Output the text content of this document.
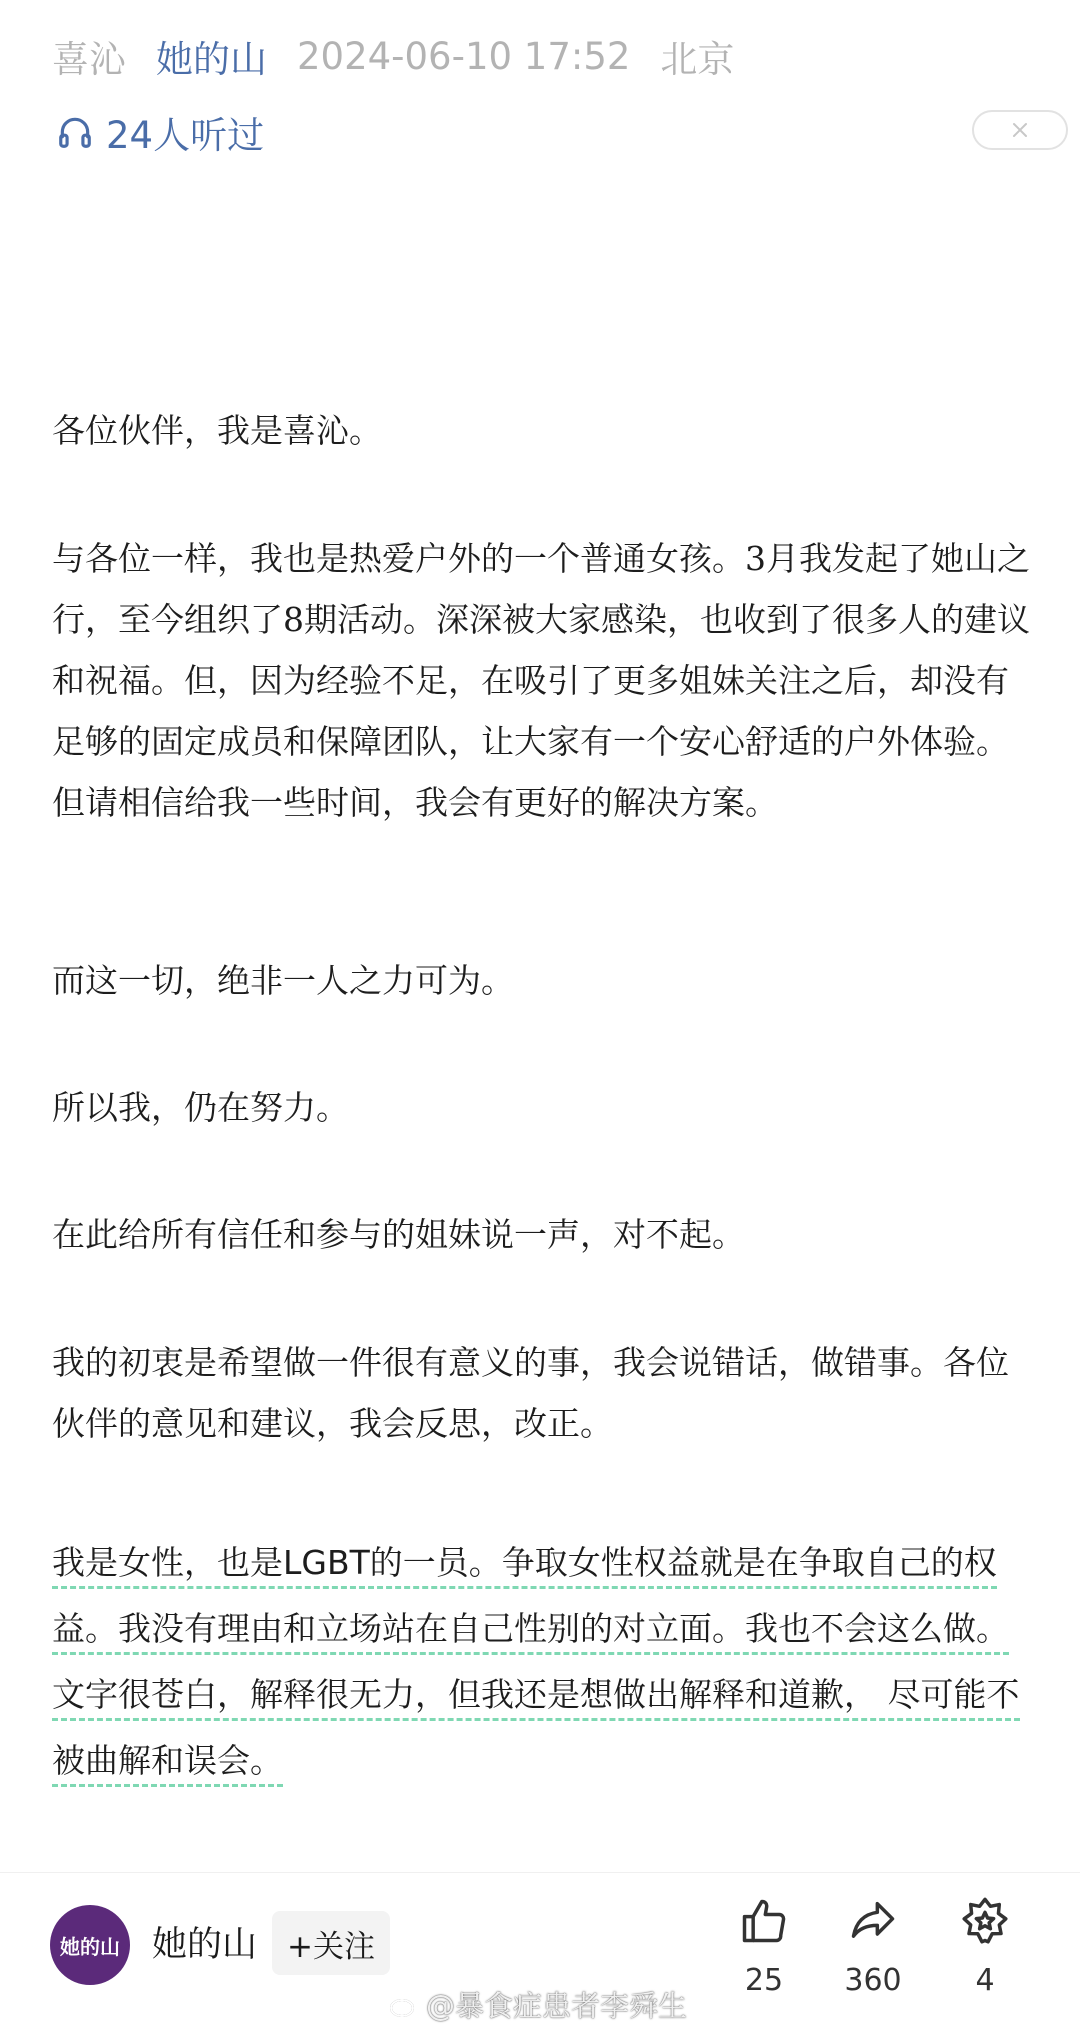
喜沁 她的山 2024-06-10 17:52 北京
24人听过

各位伙伴，我是喜沁。

与各位一样，我也是热爱户外的一个普通女孩。3月我发起了她山之行，至今组织了8期活动。深深被大家感染，也收到了很多人的建议和祝福。但，因为经验不足，在吸引了更多姐妹关注之后，却没有足够的固定成员和保障团队，让大家有一个安心舒适的户外体验。但请相信给我一些时间，我会有更好的解决方案。

而这一切，绝非一人之力可为。

所以我，仍在努力。

在此给所有信任和参与的姐妹说一声，对不起。

我的初衷是希望做一件很有意义的事，我会说错话，做错事。各位伙伴的意见和建议，我会反思，改正。

我是女性，也是LGBT的一员。争取女性权益就是在争取自己的权益。我没有理由和立场站在自己性别的对立面。我也不会这么做。文字很苍白，解释很无力，但我还是想做出解释和道歉， 尽可能不被曲解和误会。

她的山 她的山 +关注
25 360 4
@暴食症患者李舜生
